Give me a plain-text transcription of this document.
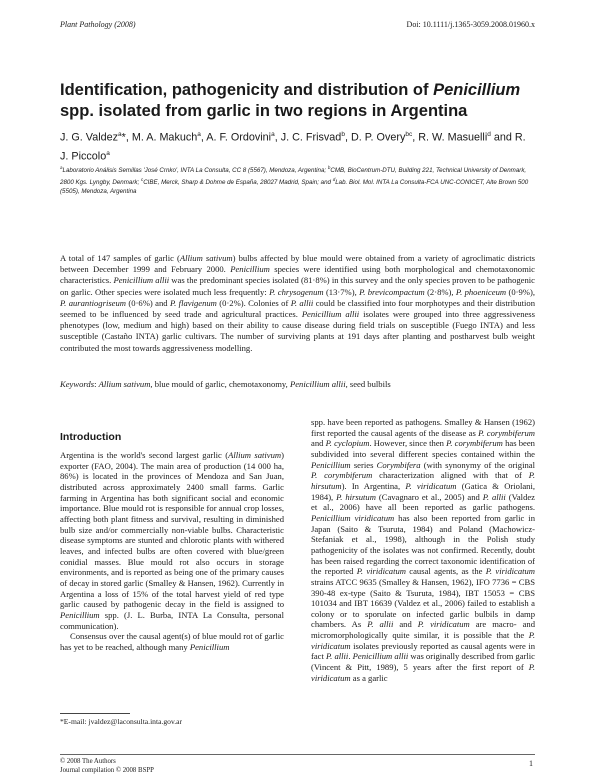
Plant Pathology (2008)	Doi: 10.1111/j.1365-3059.2008.01960.x
Identification, pathogenicity and distribution of Penicillium spp. isolated from garlic in two regions in Argentina
J. G. Valdez$^a$*, M. A. Makuch$^a$, A. F. Ordovini$^a$, J. C. Frisvad$^b$, D. P. Overy$^{bc}$, R. W. Masuelli$^d$ and R. J. Piccolo$^a$
$^a$Laboratorio Análisis Semillas 'José Crnko', INTA La Consulta, CC 8 (5567), Mendoza, Argentina; $^b$CMB, BioCentrum-DTU, Building 221, Technical University of Denmark, 2800 Kgs. Lyngby, Denmark; $^c$CIBE, Merck, Sharp & Dohme de España, 28027 Madrid, Spain; and $^d$Lab. Biol. Mol. INTA La Consulta-FCA UNC-CONICET, Alte Brown 500 (5505), Mendoza, Argentina

A total of 147 samples of garlic (Allium sativum) bulbs affected by blue mould were obtained from a variety of agroclimatic districts between December 1999 and February 2000. Penicillium species were identified using both morphological and chemotaxonomic characteristics. Penicillium allii was the predominant species isolated (81·8%) in this survey and the only species proven to be pathogenic on garlic. Other species were isolated much less frequently: P. chrysogenum (13·7%), P. brevicompactum (2·8%), P. phoeniceum (0·9%), P. aurantiogriseum (0·6%) and P. flavigenum (0·2%). Colonies of P. allii could be classified into four morphotypes and their distribution seemed to be influenced by seed trade and agricultural practices. Penicillium allii isolates were grouped into three aggressiveness phenotypes (low, medium and high) based on their ability to cause disease during field trials on susceptible (Fuego INTA) and less susceptible (Castaño INTA) garlic cultivars. The number of surviving plants at 191 days after planting and postharvest bulb weight contributed the most towards aggressiveness modelling.

Keywords: Allium sativum, blue mould of garlic, chemotaxonomy, Penicillium allii, seed bulbils

Introduction

Argentina is the world's second largest garlic (Allium sativum) exporter (FAO, 2004). The main area of production (14 000 ha, 86%) is located in the provinces of Mendoza and San Juan, distributed across approximately 2400 small farms. Garlic farming in Argentina has both significant social and economic importance. Blue mould rot is responsible for annual crop losses, affecting both plant fitness and survival, resulting in diminished bulb size and/or commercially non-viable bulbs. Characteristic disease symptoms are stunted and chlorotic plants with withered leaves, and infected bulbs are often covered with blue/green conidial masses. Blue mould rot also occurs in storage environments, and is reported as being one of the primary causes of decay in stored garlic (Smalley & Hansen, 1962). Currently in Argentina a loss of 15% of the total harvest yield of red type garlic caused by pathogenic decay in the field is assigned to Penicillium spp. (J. L. Burba, INTA La Consulta, personal communication).

Consensus over the causal agent(s) of blue mould rot of garlic has yet to be reached, although many Penicillium

spp. have been reported as pathogens. Smalley & Hansen (1962) first reported the causal agents of the disease as P. corymbiferum and P. cyclopium. However, since then P. corymbiferum has been subdivided into several different species contained within the Penicillium series Corymbifera (with synonymy of the original P. corymbiferum characterization aligned with that of P. hirsutum). In Argentina, P. viridicatum (Gatica & Oriolani, 1984), P. hirsutum (Cavagnaro et al., 2005) and P. allii (Valdez et al., 2006) have all been reported as garlic pathogens. Penicillium viridicatum has also been reported from garlic in Japan (Saito & Tsuruta, 1984) and Poland (Machowicz-Stefaniak et al., 1998), although in the Polish study pathogenicity of the isolates was not confirmed. Recently, doubt has been raised regarding the correct taxonomic identification of the reported P. viridicatum causal agents, as the P. viridicatum strains ATCC 9635 (Smalley & Hansen, 1962), IFO 7736 = CBS 390-48 ex-type (Saito & Tsuruta, 1984), IBT 15053 = CBS 101034 and IBT 16639 (Valdez et al., 2006) failed to establish a colony or to sporulate on infected garlic bulbils in damp chambers. As P. allii and P. viridicatum are macro- and micromorphologically quite similar, it is possible that the P. viridicatum isolates previously reported as causal agents were in fact P. allii. Penicillium allii was originally described from garlic (Vincent & Pitt, 1989), 5 years after the first report of P. viridicatum as a garlic

*E-mail: jvaldez@laconsulta.inta.gov.ar
© 2008 The Authors
Journal compilation © 2008 BSPP
1
